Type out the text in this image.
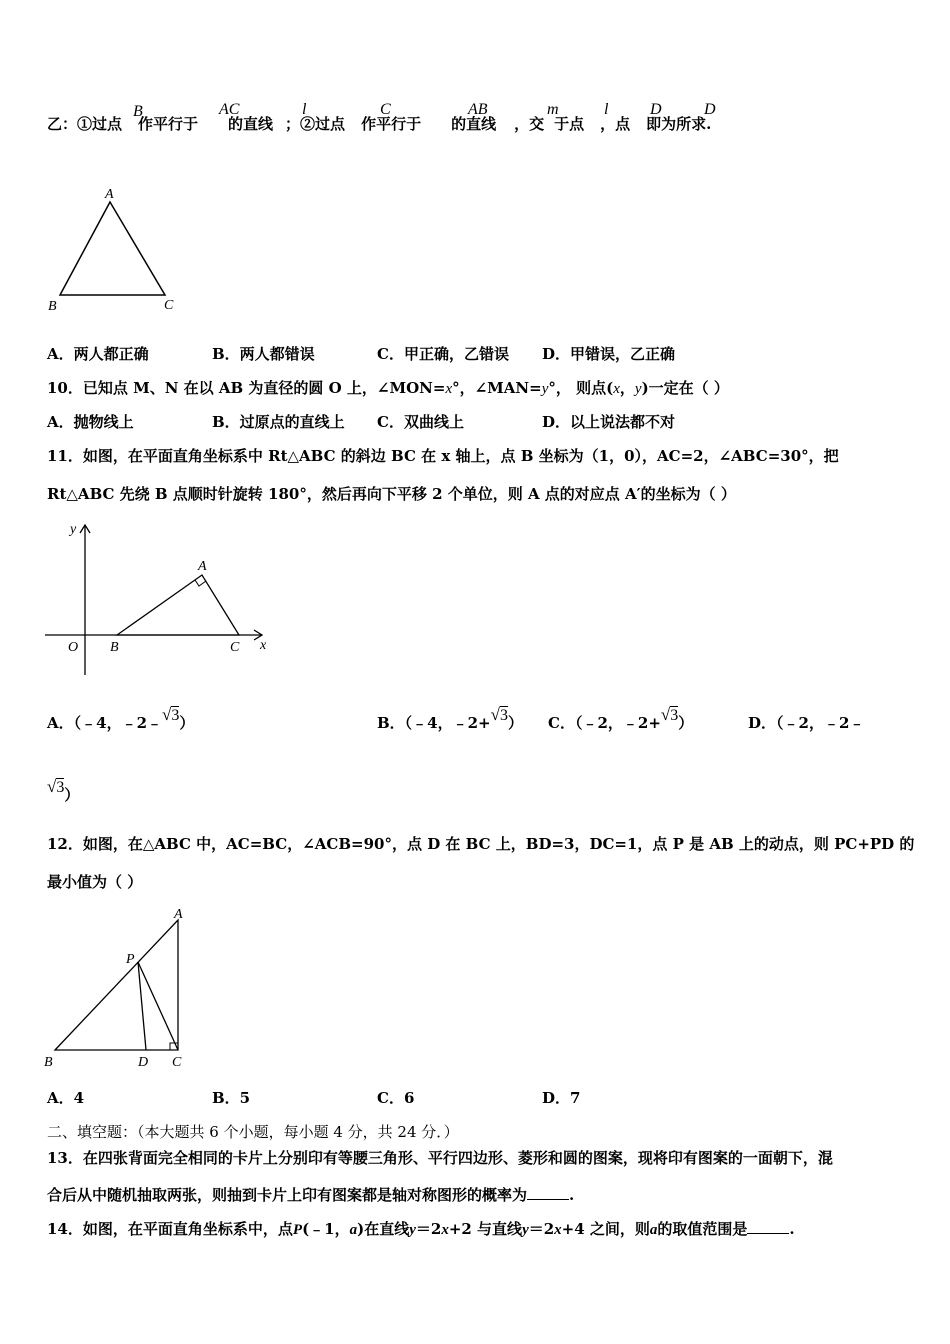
乙：①过点 作平行于 的直线 ；②过点 作平行于 的直线 ，交 于点 ，点 即为所求.
B	AC	l	C	AB	m	l	D	D
A
B	C
A．两人都正确	B．两人都错误	C．甲正确，乙错误 D．甲错误，乙正确
10．已知点 M、N 在以 AB 为直径的圆 O 上，∠MON=x°，∠MAN=y°， 则点(x，y)一定在（ ）
A．抛物线上	B．过原点的直线上 C．双曲线上	D．以上说法都不对
11．如图，在平面直角坐标系中 Rt△ABC 的斜边 BC 在 x 轴上，点 B 坐标为（1，0），AC=2，∠ABC=30°，把
Rt△ABC 先绕 B 点顺时针旋转 180°，然后再向下平移 2 个单位，则 A 点的对应点 A′的坐标为（ ）
y
x
O
A
B	C
A．（﹣4，﹣2﹣√3）	B．（﹣4，﹣2+√3） C．（﹣2，﹣2+√3）	D．（﹣2，﹣2﹣
√3）
12．如图，在△ABC 中，AC=BC，∠ACB=90°，点 D 在 BC 上，BD=3，DC=1，点 P 是 AB 上的动点，则 PC+PD 的
最小值为（ ）
A
P
B	D C
A．4	B．5	C．6	D．7
二、填空题：（本大题共 6 个小题，每小题 4 分，共 24 分．）
13．在四张背面完全相同的卡片上分别印有等腰三角形、平行四边形、菱形和圆的图案，现将印有图案的一面朝下，混
合后从中随机抽取两张，则抽到卡片上印有图案都是轴对称图形的概率为	.
14．如图，在平面直角坐标系中，点P(﹣1，a)在直线y＝2x+2 与直线y＝2x+4 之间，则a的取值范围是	.
